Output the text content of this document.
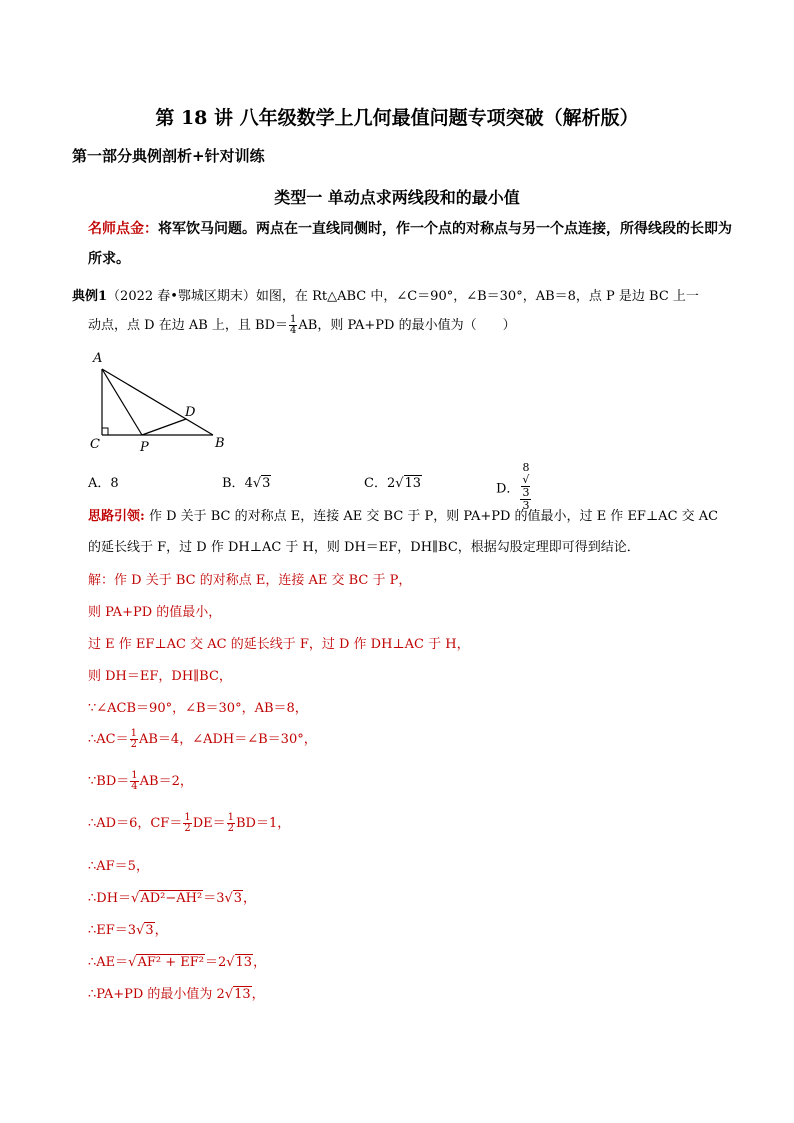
第 18 讲 八年级数学上几何最值问题专项突破（解析版）
第一部分典例剖析+针对训练
类型一 单动点求两线段和的最小值
名师点金：将军饮马问题。两点在一直线同侧时，作一个点的对称点与另一个点连接，所得线段的长即为
所求。
典例1（2022 春•鄂城区期末）如图，在 Rt△ABC 中，∠C＝90°，∠B＝30°，AB＝8，点 P 是边 BC 上一
动点，点 D 在边 AB 上，且 $BD= \frac{1}{4}$ AB，则 PA+PD 的最小值为（　　）
A
C	P	B
D
A．8	B．4√3	C．2√13	D． 8
√
3
3
思路引领: 作 D 关于 BC 的对称点 E，连接 AE 交 BC 于 P，则 PA+PD 的值最小，过 E 作 EF⊥AC 交 AC
的延长线于 F，过 D 作 DH⊥AC 于 H，则 DH＝EF，DH∥BC，根据勾股定理即可得到结论．
解：作 D 关于 BC 的对称点 E，连接 AE 交 BC 于 P，
则 PA+PD 的值最小，
过 E 作 EF⊥AC 交 AC 的延长线于 F，过 D 作 DH⊥AC 于 H，
则 DH＝EF，DH∥BC，
∵∠ACB＝90°，∠B＝30°，AB＝8，
∴AC＝ $\frac{1}{2} AB=4$，∠ADH＝∠B＝30°，
∵BD＝ $\frac{1}{4} AB=2$，
∴AD＝6，$CF= \frac{1}{2} DE= \frac{1}{2} BD=1$，
∴AF＝5，
∴DH＝√AD²−AH²＝3√3，
∴EF＝3√3，
∴AE＝√AF² + EF²＝2√13，
∴PA+PD 的最小值为 2√13，
